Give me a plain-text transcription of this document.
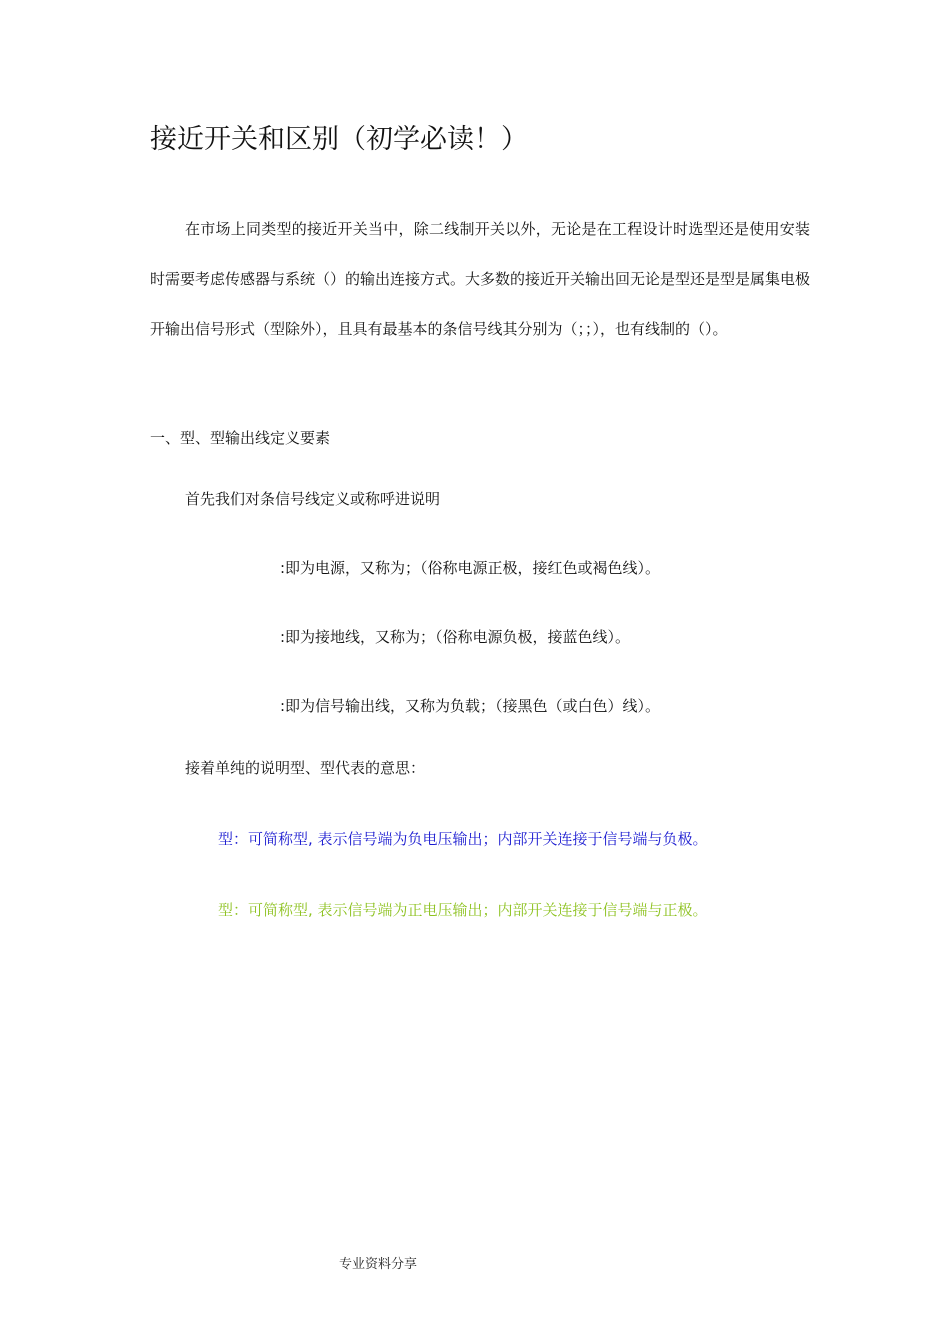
接近开关和区别（初学必读！）

在市场上同类型的接近开关当中，除二线制开关以外，无论是在工程设计时选型还是使用安装时需要考虑传感器与系统（）的输出连接方式。大多数的接近开关输出回无论是型还是型是属集电极开输出信号形式（型除外），且具有最基本的条信号线其分别为（；；），也有线制的（）。

一、型、型输出线定义要素

首先我们对条信号线定义或称呼进说明

:即为电源，又称为；（俗称电源正极，接红色或褐色线）。

:即为接地线，又称为；（俗称电源负极，接蓝色线）。

:即为信号输出线，又称为负载；（接黑色（或白色）线）。

接着单纯的说明型、型代表的意思：

型：可简称型, 表示信号端为负电压输出；内部开关连接于信号端与负极。

型：可简称型, 表示信号端为正电压输出；内部开关连接于信号端与正极。

专业资料分享
